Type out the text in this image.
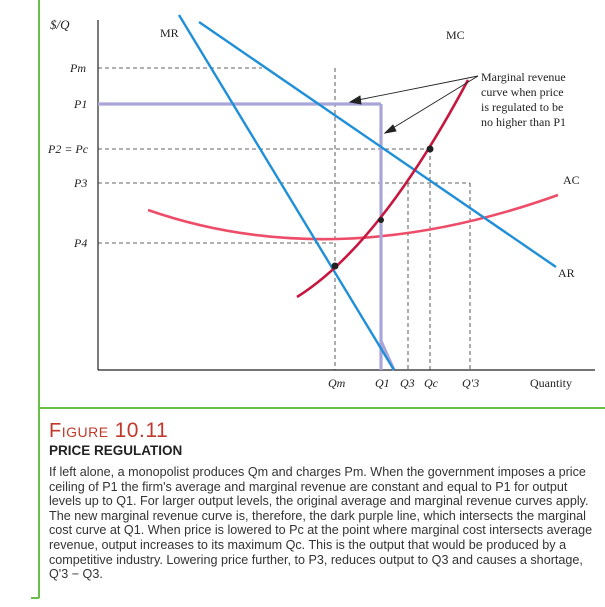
$/Q
Pm
P1
P2 = Pc
P3
P4
MR	MC
AC
AR
Marginal revenue
curve when price
is regulated to be
no higher than P1
Qm Q1 Q3 Qc Q'3	Quantity
Figure 10.11
PRICE REGULATION
If left alone, a monopolist produces Qm and charges Pm. When the government imposes a price ceiling of P1 the firm's average and marginal revenue are constant and equal to P1 for output levels up to Q1. For larger output levels, the original average and marginal revenue curves apply. The new marginal revenue curve is, therefore, the dark purple line, which intersects the marginal cost curve at Q1. When price is lowered to Pc at the point where marginal cost intersects average revenue, output increases to its maximum Qc. This is the output that would be produced by a competitive industry. Lowering price further, to P3, reduces output to Q3 and causes a shortage, Q'3 − Q3.
